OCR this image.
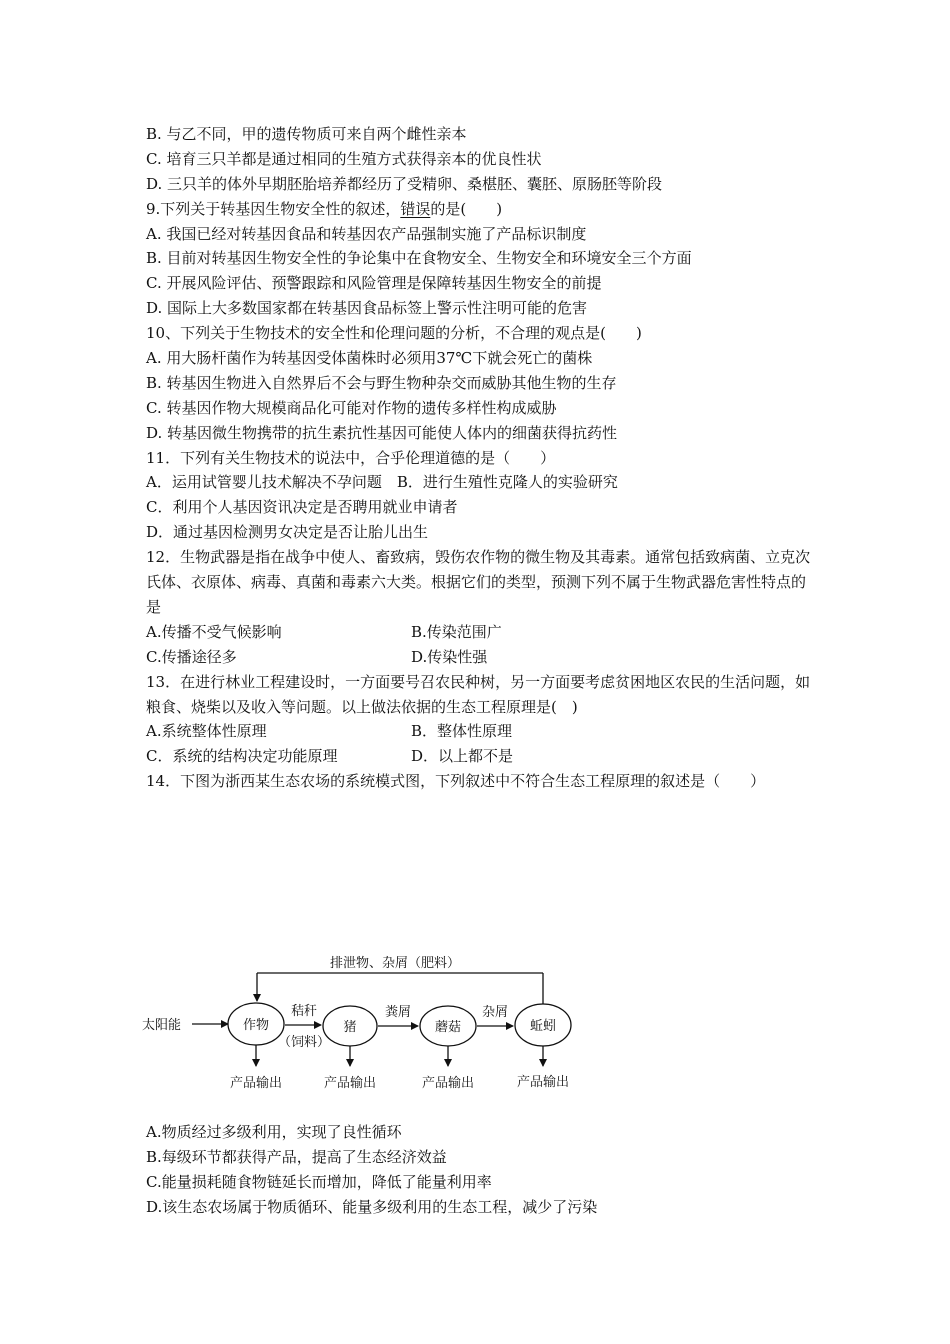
B. 与乙不同，甲的遗传物质可来自两个雌性亲本
C. 培育三只羊都是通过相同的生殖方式获得亲本的优良性状
D. 三只羊的体外早期胚胎培养都经历了受精卵、桑椹胚、囊胚、原肠胚等阶段
9.下列关于转基因生物安全性的叙述，错误的是(　　)
A. 我国已经对转基因食品和转基因农产品强制实施了产品标识制度
B. 目前对转基因生物安全性的争论集中在食物安全、生物安全和环境安全三个方面
C. 开展风险评估、预警跟踪和风险管理是保障转基因生物安全的前提
D. 国际上大多数国家都在转基因食品标签上警示性注明可能的危害
10、下列关于生物技术的安全性和伦理问题的分析，不合理的观点是(　　)
A. 用大肠杆菌作为转基因受体菌株时必须用37℃下就会死亡的菌株
B. 转基因生物进入自然界后不会与野生物种杂交而威胁其他生物的生存
C. 转基因作物大规模商品化可能对作物的遗传多样性构成威胁
D. 转基因微生物携带的抗生素抗性基因可能使人体内的细菌获得抗药性
11．下列有关生物技术的说法中，合乎伦理道德的是（　　）
A．运用试管婴儿技术解决不孕问题　B．进行生殖性克隆人的实验研究
C．利用个人基因资讯决定是否聘用就业申请者
D．通过基因检测男女决定是否让胎儿出生
12．生物武器是指在战争中使人、畜致病，毁伤农作物的微生物及其毒素。通常包括致病菌、立克次氏体、衣原体、病毒、真菌和毒素六大类。根据它们的类型，预测下列不属于生物武器危害性特点的是
A.传播不受气候影响	B.传染范围广
C.传播途径多	D.传染性强
13．在进行林业工程建设时，一方面要号召农民种树，另一方面要考虑贫困地区农民的生活问题，如粮食、烧柴以及收入等问题。以上做法依据的生态工程原理是(　)
A.系统整体性原理	B．整体性原理
C．系统的结构决定功能原理	D．以上都不是
14．下图为浙西某生态农场的系统模式图，下列叙述中不符合生态工程原理的叙述是（　　）
排泄物、杂屑（肥料）
太阳能	作物	猪	蘑菇	蚯蚓
秸秆
（饲料）
粪屑	杂屑
产品输出	产品输出	产品输出	产品输出
A.物质经过多级利用，实现了良性循环
B.每级环节都获得产品，提高了生态经济效益
C.能量损耗随食物链延长而增加，降低了能量利用率
D.该生态农场属于物质循环、能量多级利用的生态工程，减少了污染
